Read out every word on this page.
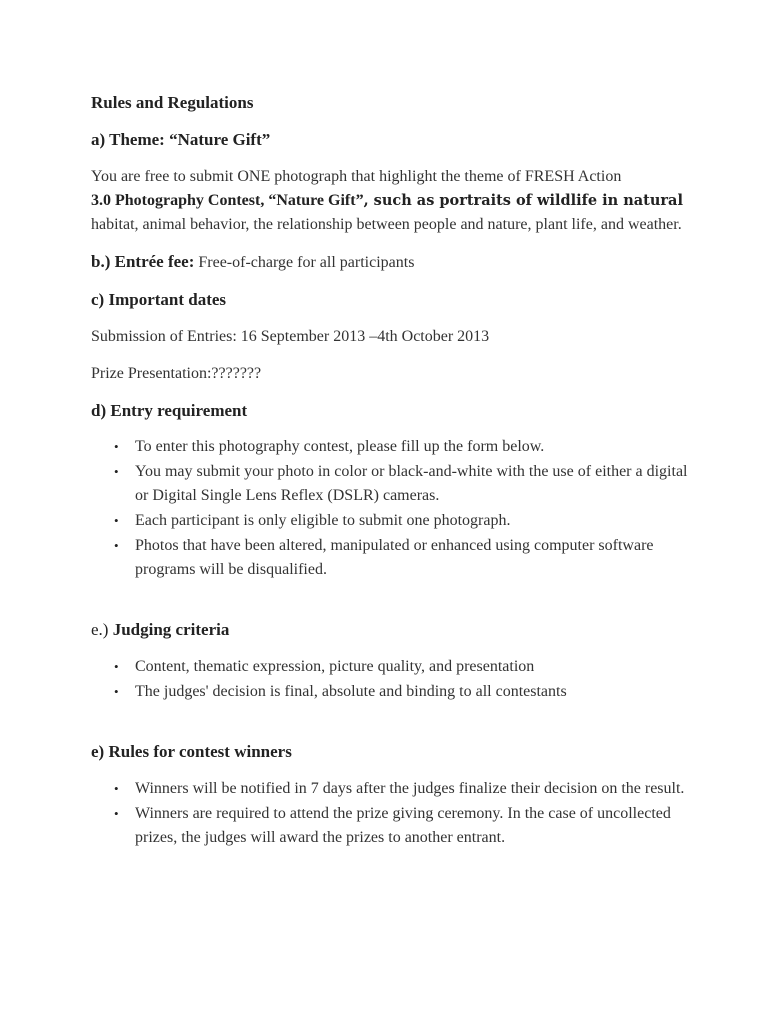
Rules and Regulations

a) Theme: “Nature Gift”

You are free to submit ONE photograph that highlight the theme of FRESH Action

3.0 Photography Contest, “Nature Gift”, such as portraits of wildlife in natural

habitat, animal behavior, the relationship between people and nature, plant life, and weather.

b.) Entrée fee: Free-of-charge for all participants

c) Important dates

Submission of Entries: 16 September 2013 –4th October 2013

Prize Presentation:???????

d) Entry requirement

• To enter this photography contest, please fill up the form below.
• You may submit your photo in color or black-and-white with the use of either a digital or Digital Single Lens Reflex (DSLR) cameras.
• Each participant is only eligible to submit one photograph.
• Photos that have been altered, manipulated or enhanced using computer software programs will be disqualified.

e.) Judging criteria

• Content, thematic expression, picture quality, and presentation
• The judges' decision is final, absolute and binding to all contestants

e) Rules for contest winners

• Winners will be notified in 7 days after the judges finalize their decision on the result.
• Winners are required to attend the prize giving ceremony. In the case of uncollected prizes, the judges will award the prizes to another entrant.
